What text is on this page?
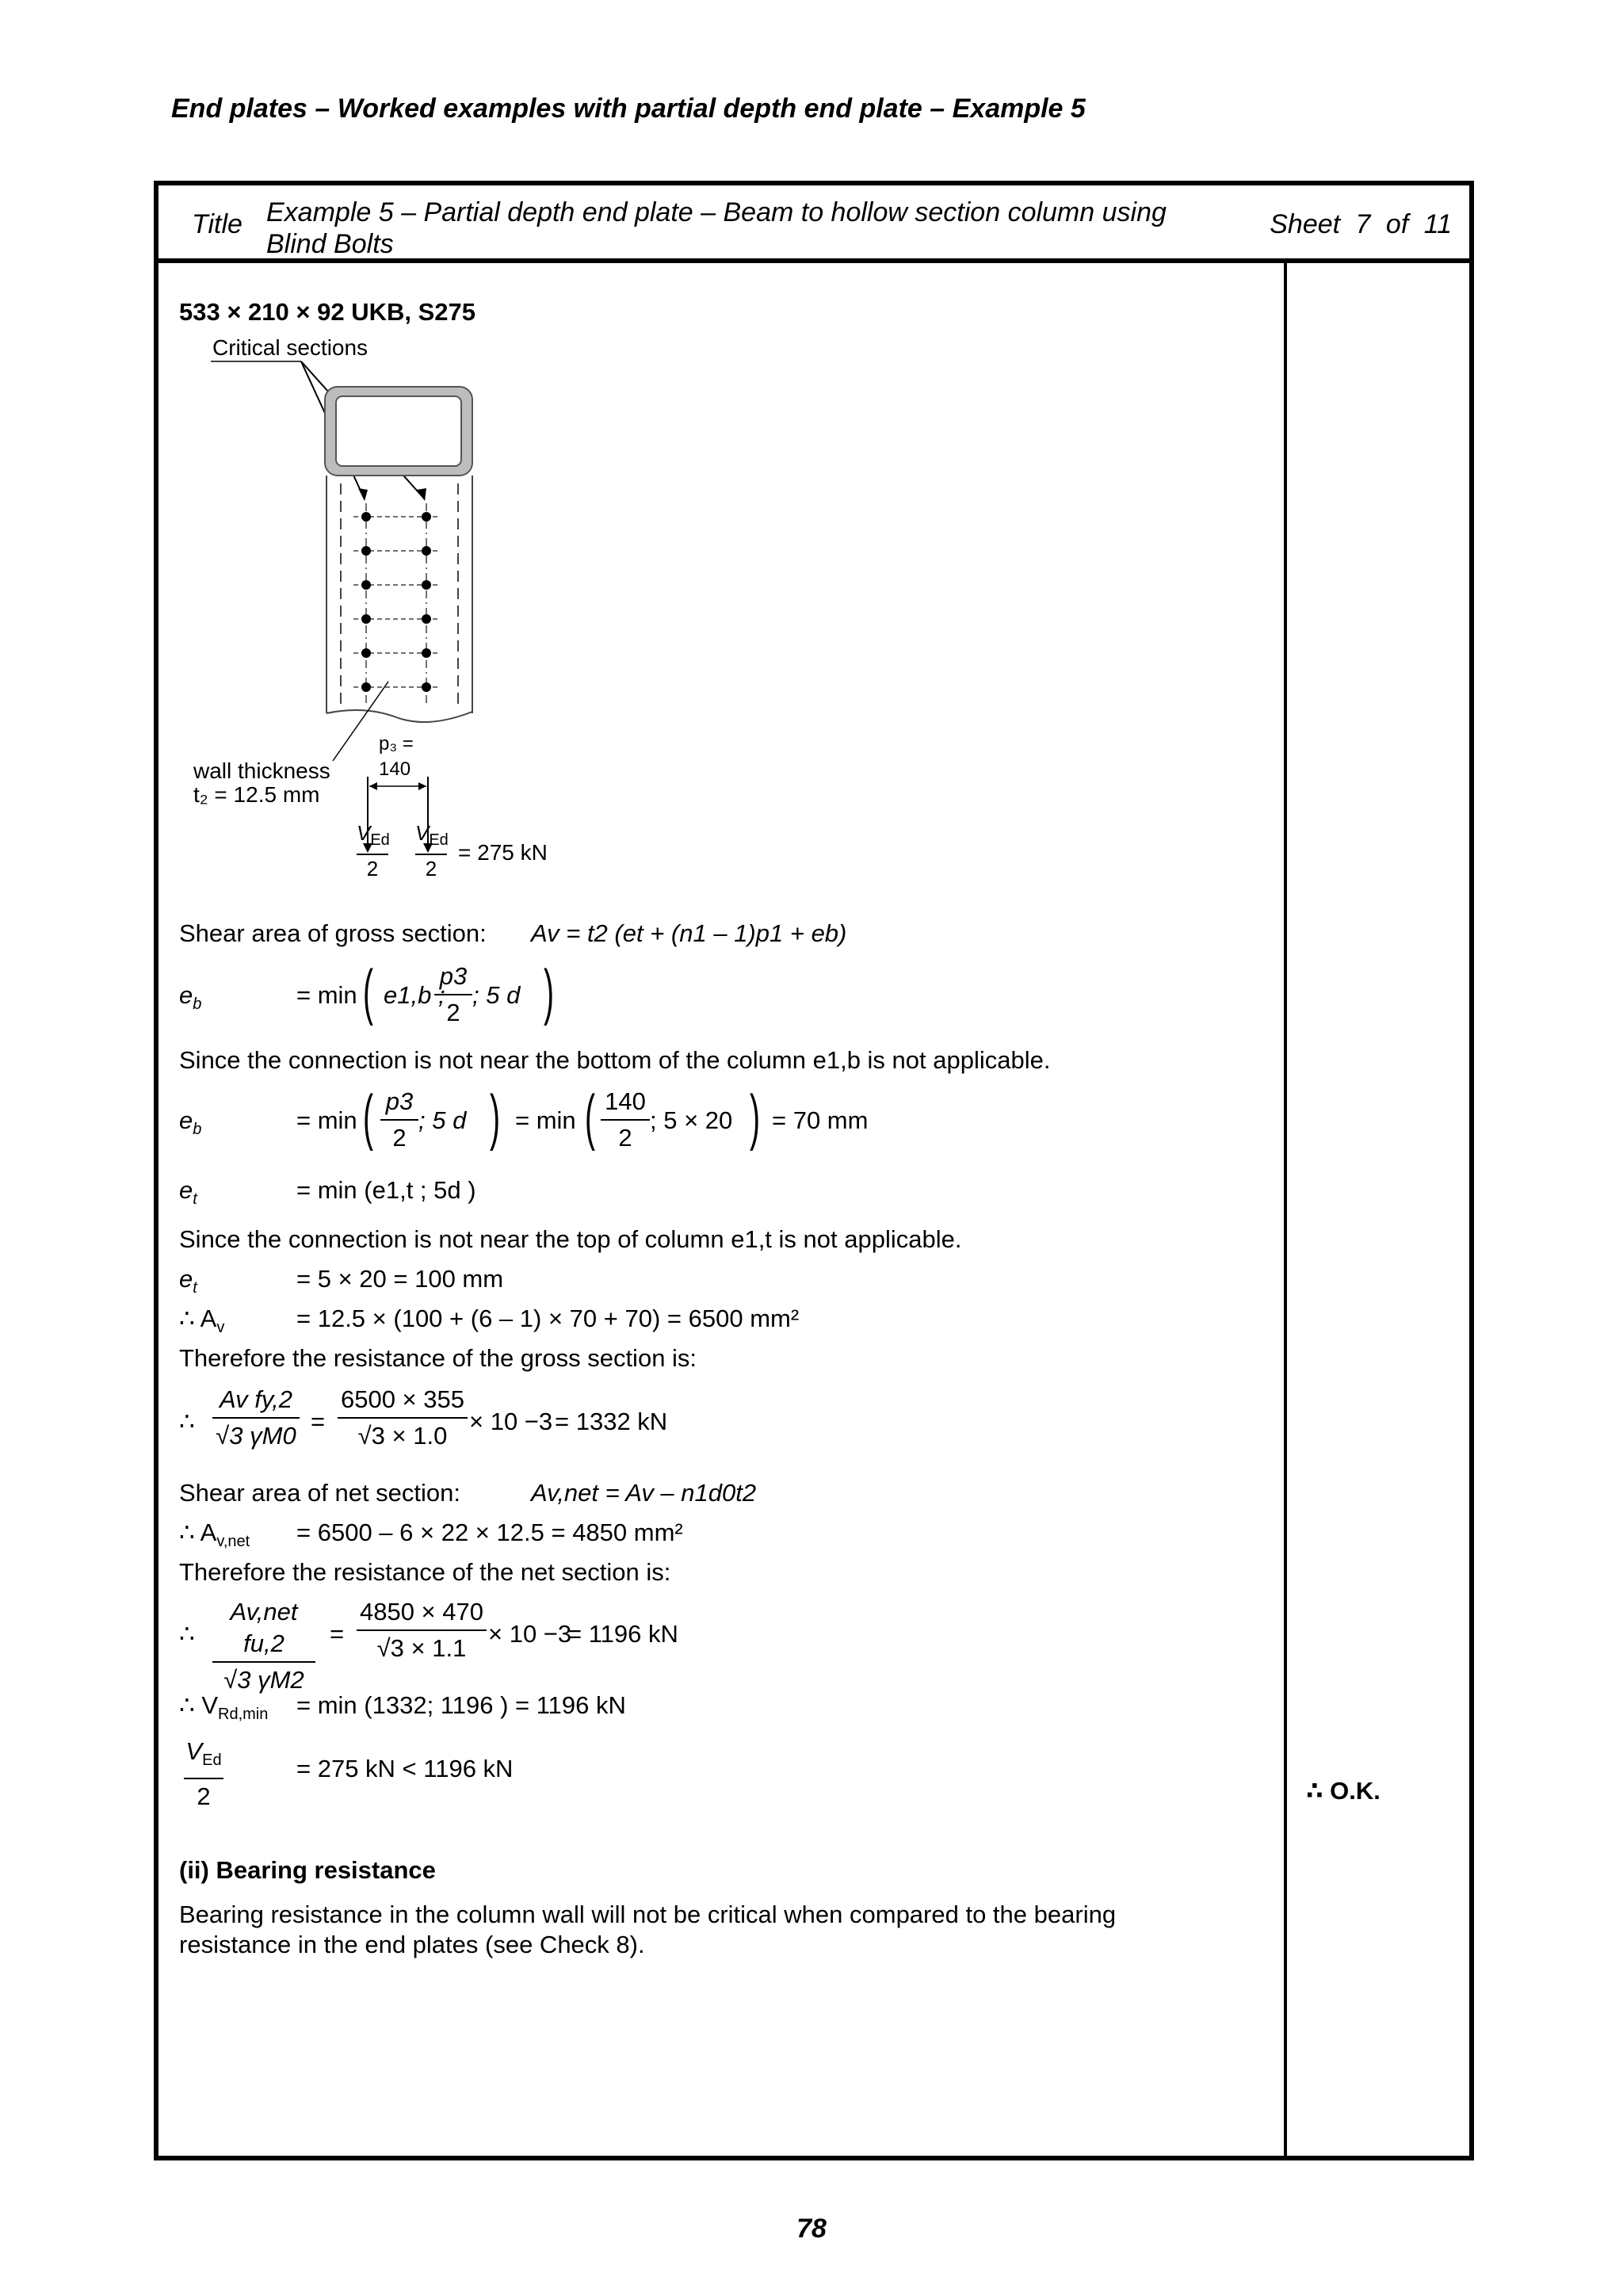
End plates – Worked examples with partial depth end plate – Example 5
Title Example 5 – Partial depth end plate – Beam to hollow section column using
Blind Bolts
Sheet 7 of 11
533 × 210 × 92 UKB, S275
Critical sections
wall thickness
t₂ = 12.5 mm
p₃ =
140
$V_{Ed}$
2
$V_{Ed}$
2
= 275 kN
Shear area of gross section: Av = t2 (et + (n1 – 1)p1 + eb)
$e_b$	= min ( e1,b ;
p3
2
; 5 d )
Since the connection is not near the bottom of the column e1,b is not applicable.
$e_b$	= min ( p3
2
; 5 d ) = min ( 140
2
; 5 × 20 ) = 70 mm
$e_t$	= min (e1,t ; 5d )
Since the connection is not near the top of column e1,t is not applicable.
$e_t$	= 5 × 20 = 100 mm
∴ $A_v$	= 12.5 × (100 + (6 – 1) × 70 + 70) = 6500 mm²
Therefore the resistance of the gross section is:
∴
Av fy,2
√3 γM0
=
6500 × 355
√3 × 1.0
× 10 −3 = 1332 kN
Shear area of net section:	Av,net = Av – n1d0t2
∴ $A_{v,net} = 6500 - 6 \times 22 \times 12.5 = 4850$ mm²
Therefore the resistance of the net section is:
∴
Av,net fu,2
√3 γM2
=
4850 × 470
√3 × 1.1
× 10 −3
= 1196 kN
∴ $V_{Rd,min} = \min (1332$; 1196 ) = 1196 kN
$V_{Ed}$
2
= 275 kN < 1196 kN
∴ O.K.
(ii) Bearing resistance
Bearing resistance in the column wall will not be critical when compared to the bearing
resistance in the end plates (see Check 8).
78
